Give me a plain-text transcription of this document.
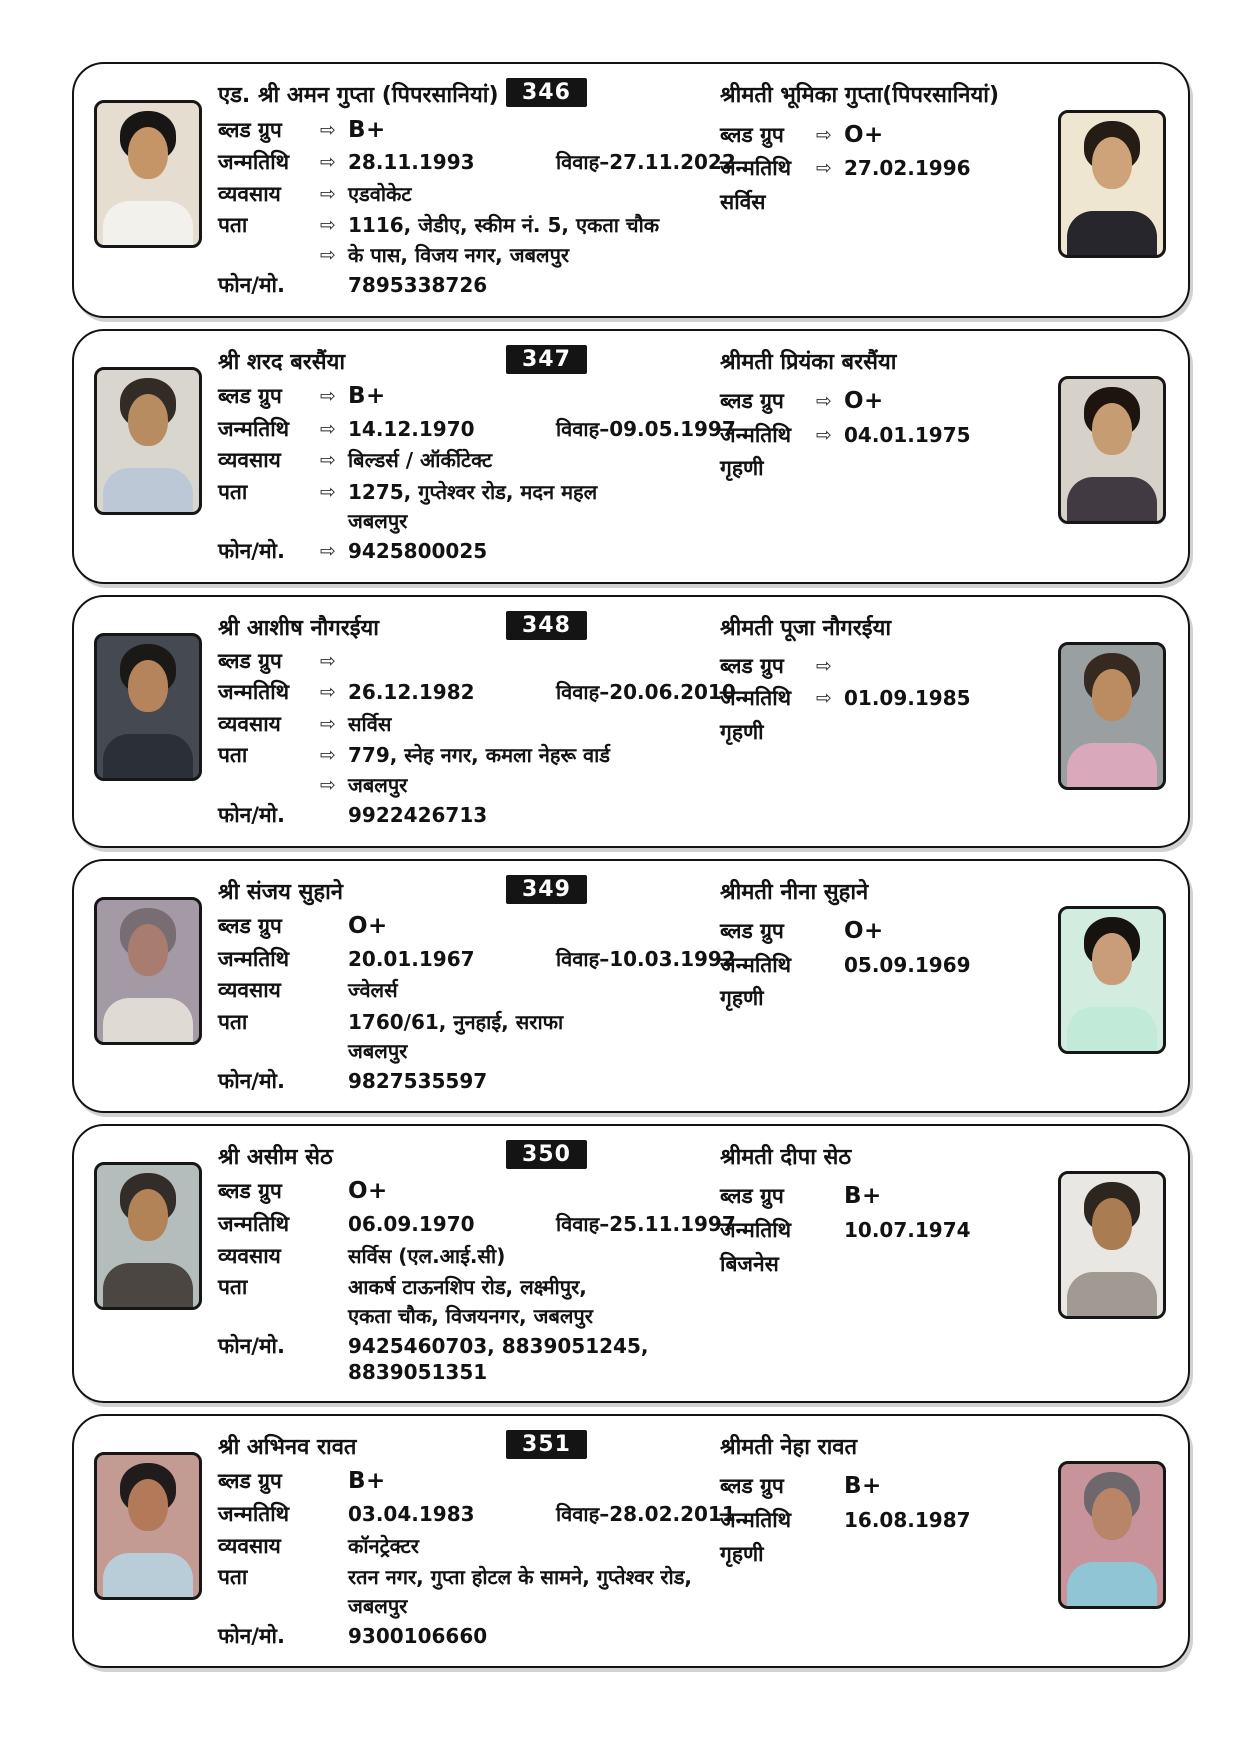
एड. श्री अमन गुप्ता (पिपरसानियां)	346
ब्लड ग्रुप	⇨ B+
जन्मतिथि	⇨ 28.11.1993	विवाह–27.11.2022
व्यवसाय	⇨ एडवोकेट
पता	⇨ 1116, जेडीए, स्कीम नं. 5, एकता चौक
⇨ के पास, विजय नगर, जबलपुर
फोन/मो.	7895338726
श्रीमती भूमिका गुप्ता(पिपरसानियां)
ब्लड ग्रुप	⇨ O+
जन्मतिथि	⇨ 27.02.1996
सर्विस
श्री शरद बरसैंया	347
ब्लड ग्रुप	⇨ B+
जन्मतिथि	⇨ 14.12.1970	विवाह–09.05.1997
व्यवसाय	⇨ बिल्डर्स / ऑर्कीटेक्ट
पता	⇨ 1275, गुप्तेश्वर रोड, मदन महल
जबलपुर
फोन/मो.	⇨ 9425800025
श्रीमती प्रियंका बरसैंया
ब्लड ग्रुप	⇨ O+
जन्मतिथि	⇨ 04.01.1975
गृहणी
श्री आशीष नौगरईया	348
ब्लड ग्रुप	⇨
जन्मतिथि	⇨ 26.12.1982	विवाह–20.06.2010
व्यवसाय	⇨ सर्विस
पता	⇨ 779, स्नेह नगर, कमला नेहरू वार्ड
⇨ जबलपुर
फोन/मो.	9922426713
श्रीमती पूजा नौगरईया
ब्लड ग्रुप	⇨
जन्मतिथि	⇨ 01.09.1985
गृहणी
श्री संजय सुहाने	349
ब्लड ग्रुप	O+
जन्मतिथि	20.01.1967	विवाह–10.03.1992
व्यवसाय	ज्वेलर्स
पता	1760/61, नुनहाई, सराफा
जबलपुर
फोन/मो.	9827535597
श्रीमती नीना सुहाने
ब्लड ग्रुप	O+
जन्मतिथि	05.09.1969
गृहणी
श्री असीम सेठ	350
ब्लड ग्रुप	O+
जन्मतिथि	06.09.1970	विवाह–25.11.1997
व्यवसाय	सर्विस (एल.आई.सी)
पता	आकर्ष टाऊनशिप रोड, लक्ष्मीपुर,
एकता चौक, विजयनगर, जबलपुर
फोन/मो.	9425460703, 8839051245, 8839051351
श्रीमती दीपा सेठ
ब्लड ग्रुप	B+
जन्मतिथि	10.07.1974
बिजनेस
श्री अभिनव रावत	351
ब्लड ग्रुप	B+
जन्मतिथि	03.04.1983	विवाह–28.02.2011
व्यवसाय	कॉनट्रेक्टर
पता	रतन नगर, गुप्ता होटल के सामने, गुप्तेश्वर रोड,
जबलपुर
फोन/मो.	9300106660
श्रीमती नेहा रावत
ब्लड ग्रुप	B+
जन्मतिथि	16.08.1987
गृहणी
